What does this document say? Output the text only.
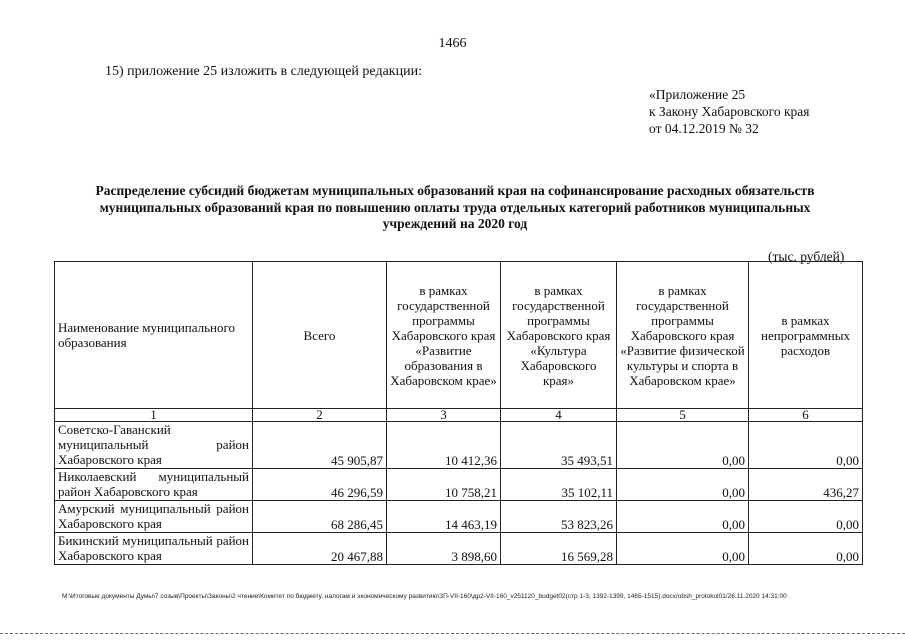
1466
15) приложение 25 изложить в следующей редакции:
«Приложение 25
к Закону Хабаровского края
от 04.12.2019 № 32
Распределение субсидий бюджетам муниципальных образований края на софинансирование расходных обязательств муниципальных образований края по повышению оплаты труда отдельных категорий работников муниципальных учреждений на 2020 год
(тыс. рублей)
Наименование муниципального образования	Всего	в рамках государственной программы Хабаровского края «Развитие образования в Хабаровском крае»	в рамках государственной программы Хабаровского края «Культура Хабаровского края»	в рамках государственной программы Хабаровского края «Развитие физической культуры и спорта в Хабаровском крае»	в рамках непрограммных расходов
1	2	3	4	5	6
Советско-Гаванский муниципальный район Хабаровского края	45 905,87	10 412,36	35 493,51	0,00	0,00
Николаевский муниципальный район Хабаровского края	46 296,59	10 758,21	35 102,11	0,00	436,27
Амурский муниципальный район Хабаровского края	68 286,45	14 463,19	53 823,26	0,00	0,00
Бикинский муниципальный район Хабаровского края	20 467,88	3 898,60	16 569,28	0,00	0,00
M:\Итоговые документы Думы\7 созыв\Проекты\Законы\2 чтение\Комитет по бюджету, налогам и экономическому развитию\ЗП-VII-160\др2-VII-160_v251120_budget02(стр 1-3, 1392-1399, 1465-1515).docx/obsh_protokol01/26.11.2020 14:31:00
